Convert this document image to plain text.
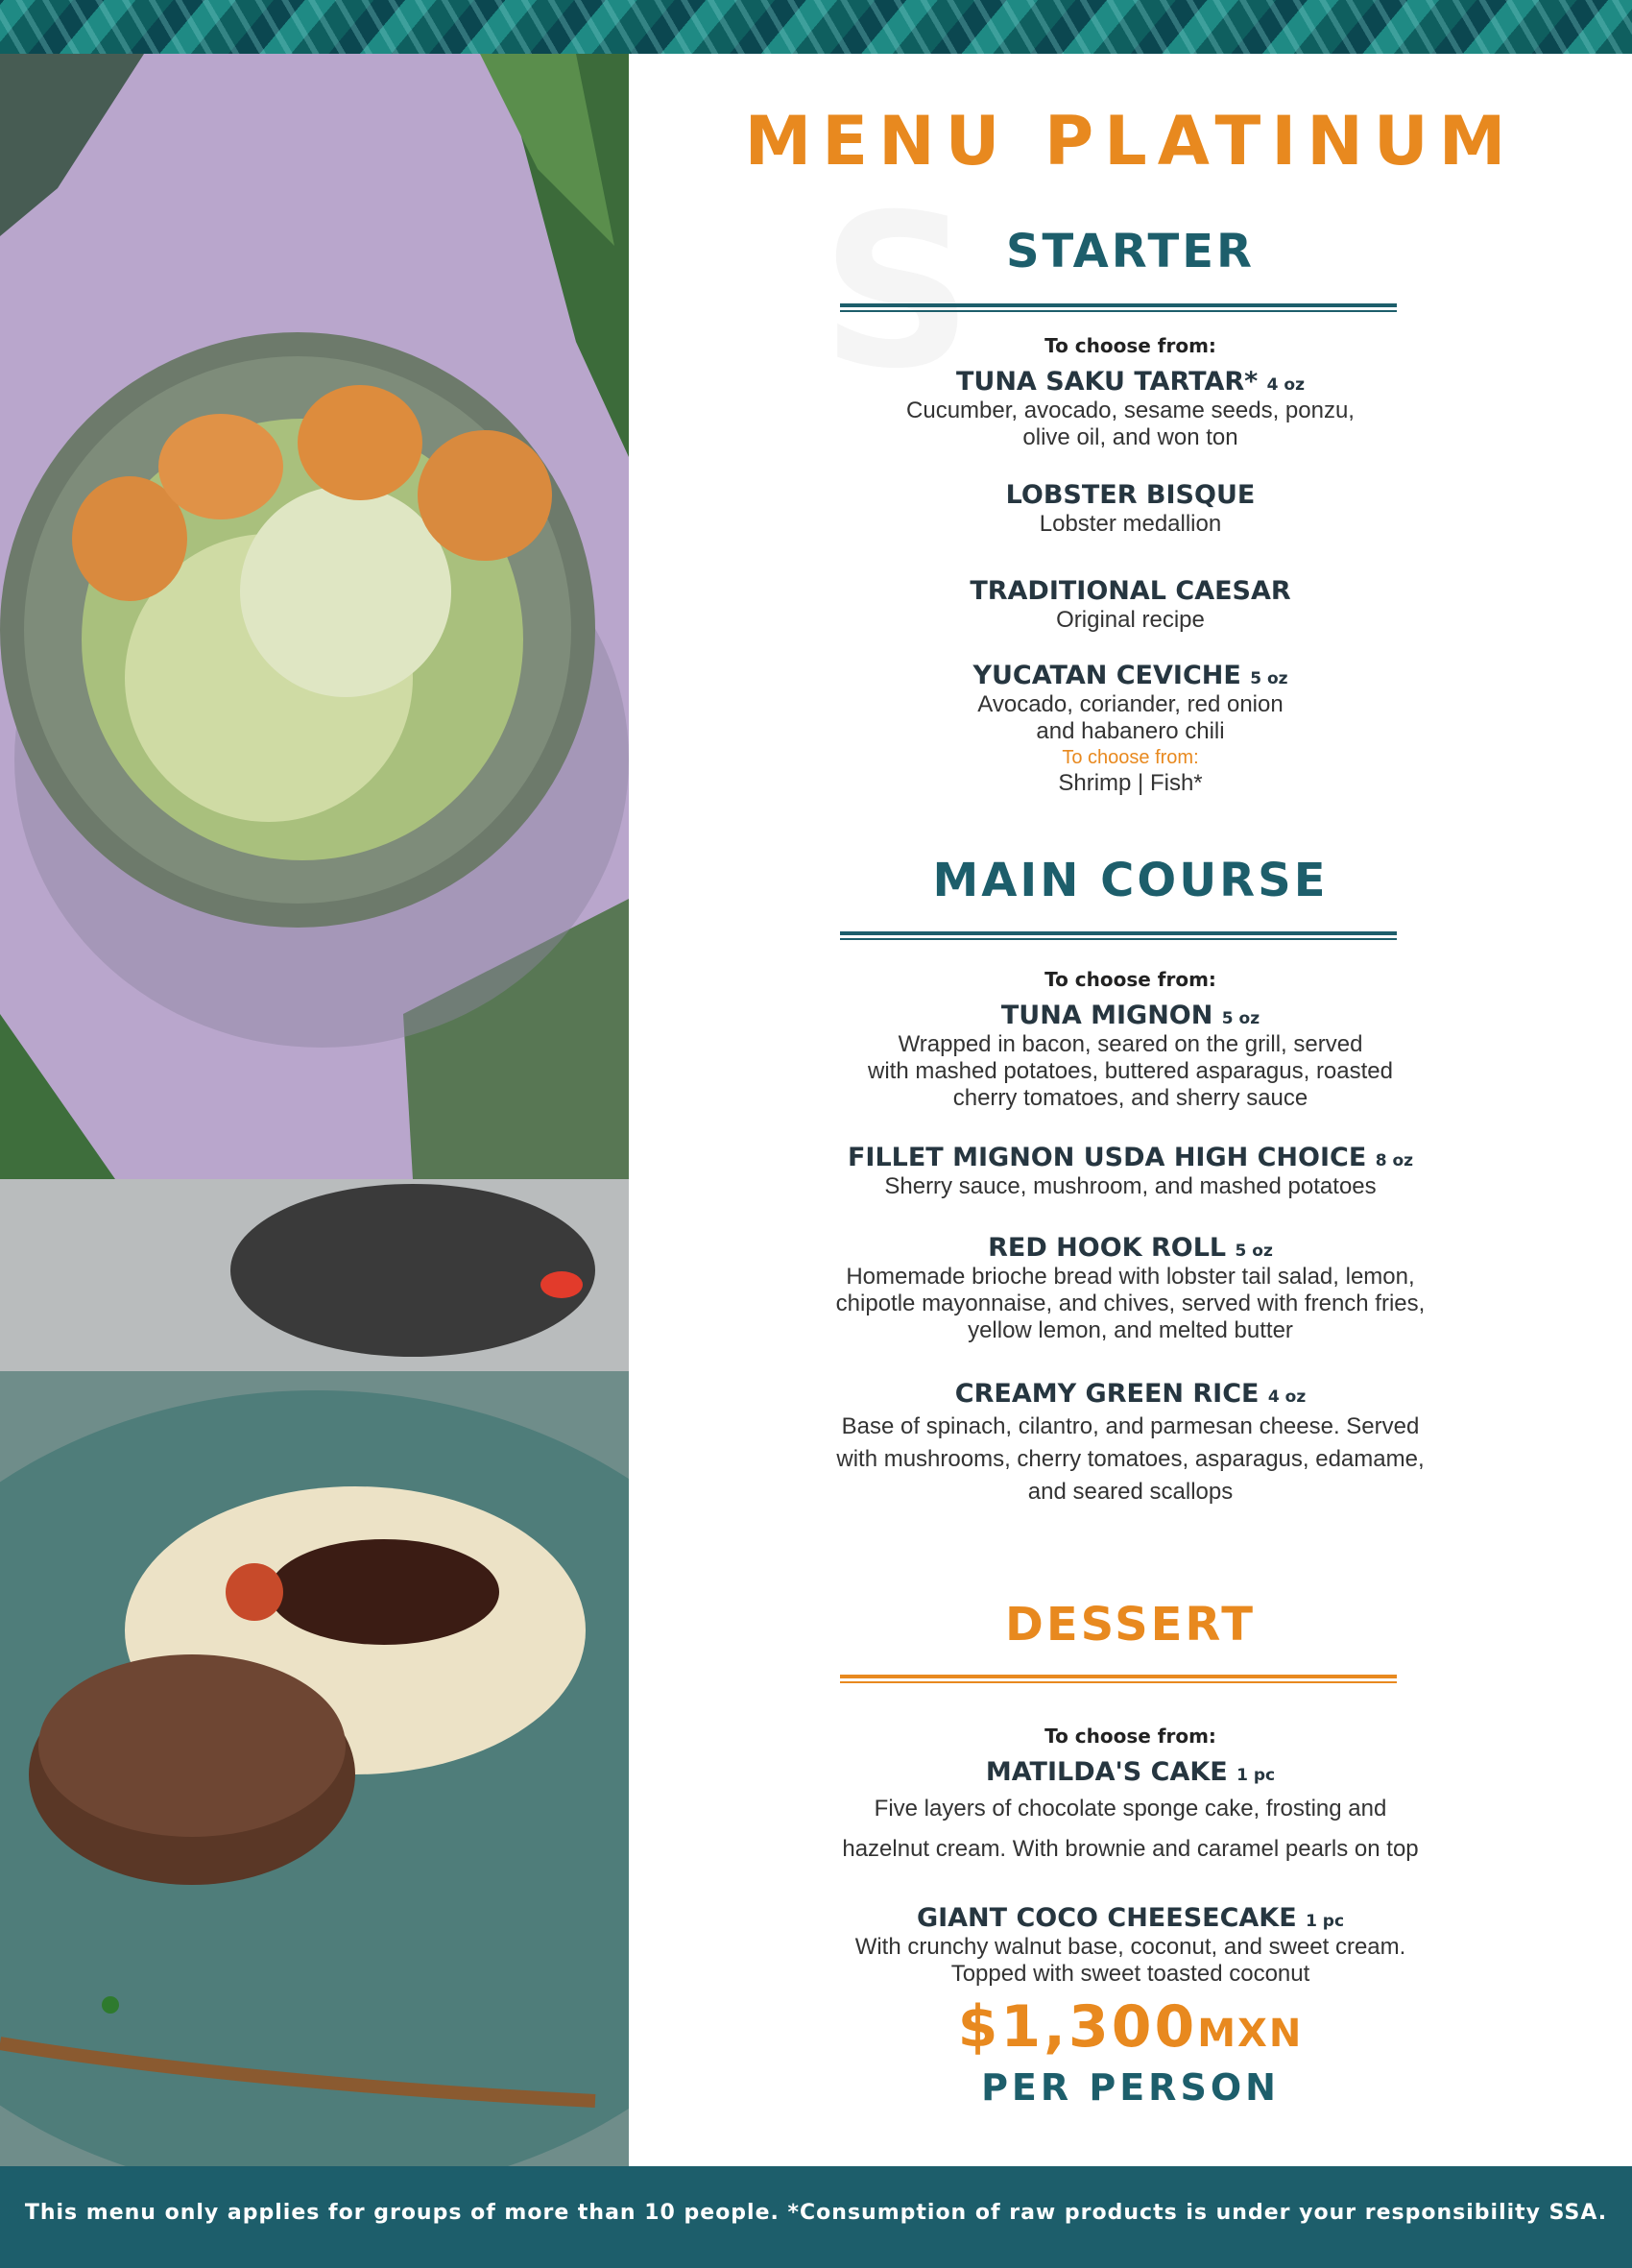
S
MENU PLATINUM
STARTER
To choose from:
TUNA SAKU TARTAR* 4 oz
Cucumber, avocado, sesame seeds, ponzu,
olive oil, and won ton
LOBSTER BISQUE
Lobster medallion
TRADITIONAL CAESAR
Original recipe
YUCATAN CEVICHE 5 oz
Avocado, coriander, red onion
and habanero chili
To choose from:
Shrimp | Fish*
MAIN COURSE
To choose from:
TUNA MIGNON 5 oz
Wrapped in bacon, seared on the grill, served
with mashed potatoes, buttered asparagus, roasted
cherry tomatoes, and sherry sauce
FILLET MIGNON USDA HIGH CHOICE 8 oz
Sherry sauce, mushroom, and mashed potatoes
RED HOOK ROLL 5 oz
Homemade brioche bread with lobster tail salad, lemon,
chipotle mayonnaise, and chives, served with french fries,
yellow lemon, and melted butter
CREAMY GREEN RICE 4 oz
Base of spinach, cilantro, and parmesan cheese. Served
with mushrooms, cherry tomatoes, asparagus, edamame,
and seared scallops
DESSERT
To choose from:
MATILDA'S CAKE 1 pc
Five layers of chocolate sponge cake, frosting and
hazelnut cream. With brownie and caramel pearls on top
GIANT COCO CHEESECAKE 1 pc
With crunchy walnut base, coconut, and sweet cream.
Topped with sweet toasted coconut
$1,300MXN
PER PERSON
This menu only applies for groups of more than 10 people. *Consumption of raw products is under your responsibility SSA.
